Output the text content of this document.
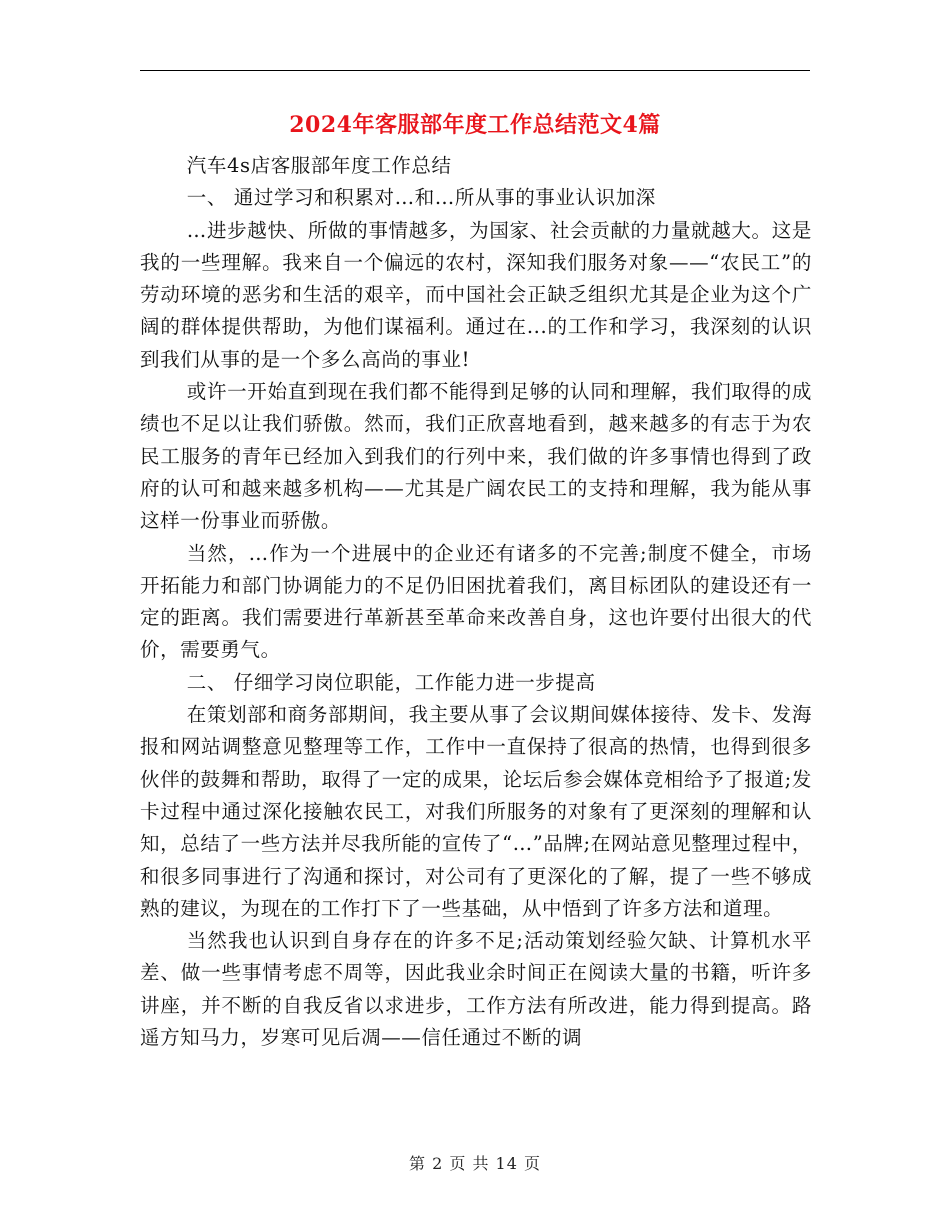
2024年客服部年度工作总结范文4篇

汽车4s店客服部年度工作总结

一、 通过学习和积累对…和…所从事的事业认识加深

…进步越快、所做的事情越多，为国家、社会贡献的力量就越大。这是我的一些理解。我来自一个偏远的农村，深知我们服务对象——“农民工”的劳动环境的恶劣和生活的艰辛，而中国社会正缺乏组织尤其是企业为这个广阔的群体提供帮助，为他们谋福利。通过在...的工作和学习，我深刻的认识到我们从事的是一个多么高尚的事业!

或许一开始直到现在我们都不能得到足够的认同和理解，我们取得的成绩也不足以让我们骄傲。然而，我们正欣喜地看到，越来越多的有志于为农民工服务的青年已经加入到我们的行列中来，我们做的许多事情也得到了政府的认可和越来越多机构——尤其是广阔农民工的支持和理解，我为能从事这样一份事业而骄傲。

当然，…作为一个进展中的企业还有诸多的不完善;制度不健全，市场开拓能力和部门协调能力的不足仍旧困扰着我们，离目标团队的建设还有一定的距离。我们需要进行革新甚至革命来改善自身，这也许要付出很大的代价，需要勇气。

二、 仔细学习岗位职能，工作能力进一步提高

在策划部和商务部期间，我主要从事了会议期间媒体接待、发卡、发海报和网站调整意见整理等工作，工作中一直保持了很高的热情，也得到很多伙伴的鼓舞和帮助，取得了一定的成果，论坛后参会媒体竞相给予了报道;发卡过程中通过深化接触农民工，对我们所服务的对象有了更深刻的理解和认知，总结了一些方法并尽我所能的宣传了“…”品牌;在网站意见整理过程中，和很多同事进行了沟通和探讨，对公司有了更深化的了解，提了一些不够成熟的建议，为现在的工作打下了一些基础，从中悟到了许多方法和道理。

当然我也认识到自身存在的许多不足;活动策划经验欠缺、计算机水平差、做一些事情考虑不周等，因此我业余时间正在阅读大量的书籍，听许多讲座，并不断的自我反省以求进步，工作方法有所改进，能力得到提高。路遥方知马力，岁寒可见后凋——信任通过不断的调

第 2 页 共 14 页
